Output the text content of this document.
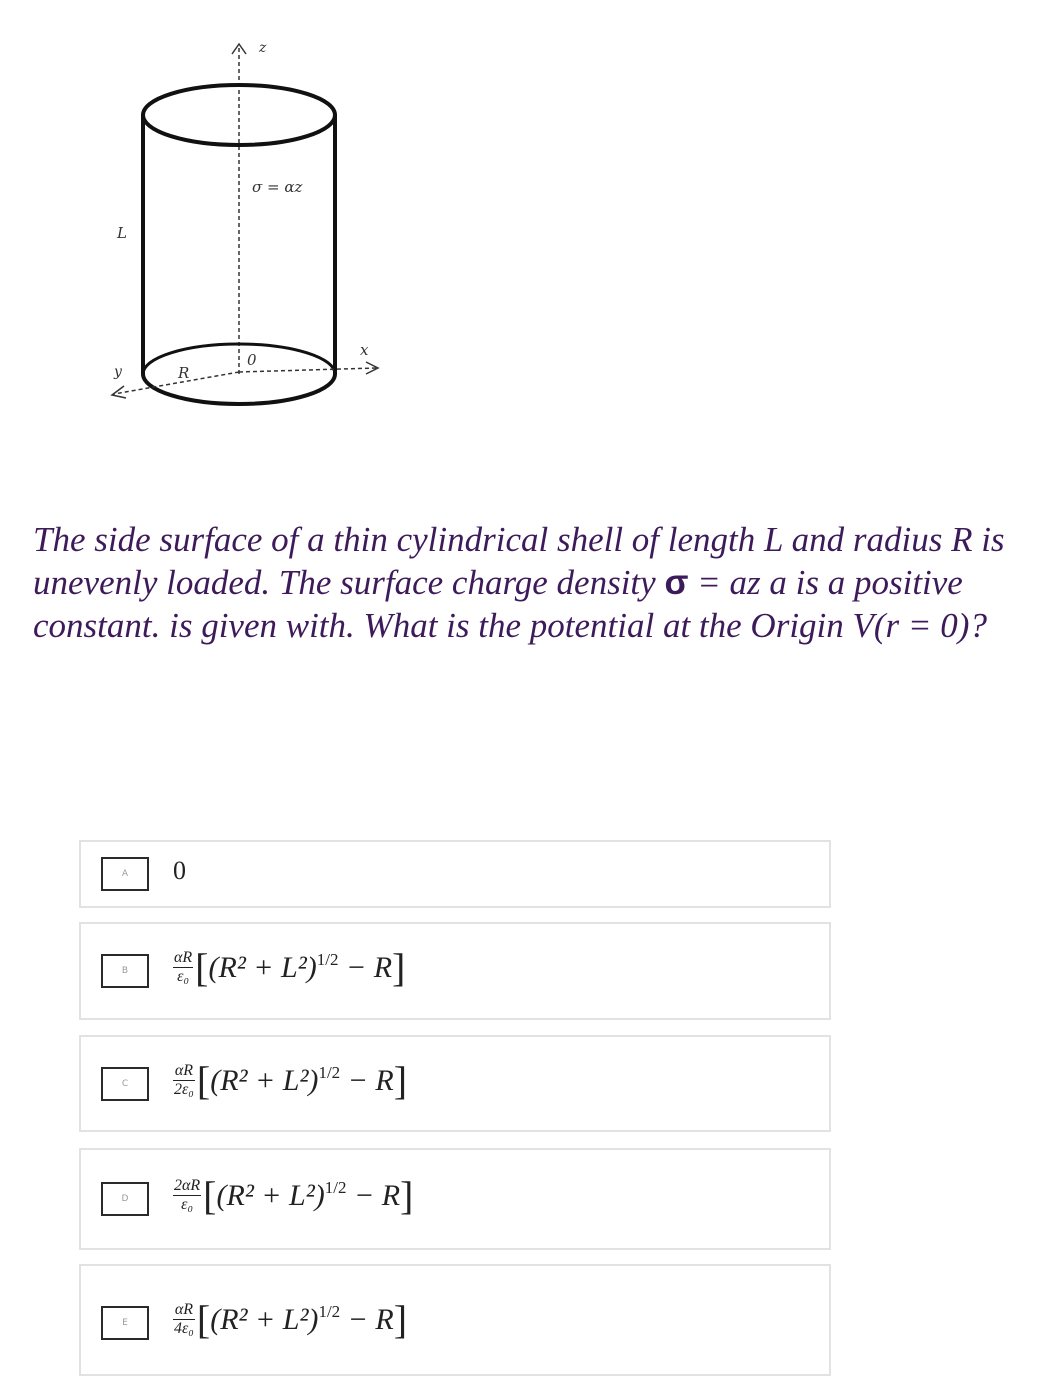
z
x
y
L
R
0
σ = αz

The side surface of a thin cylindrical shell of length L and radius R is unevenly loaded. The surface charge density σ = az a is a positive constant. is given with. What is the potential at the Origin V(r = 0)?

A	0
B	$\frac{\alpha R}{\text{ε₀}} [(R^2 + L^2)^{1/2} - R]$
C	$\frac{\alpha R}{\text{2ε₀}} [(R^2 + L^2)^{1/2} - R]$
D	$\frac{2\alpha R}{\text{ε₀}} [(R^2 + L^2)^{1/2} - R]$
E	$\frac{\alpha R}{\text{4ε₀}} [(R^2 + L^2)^{1/2} - R]$
